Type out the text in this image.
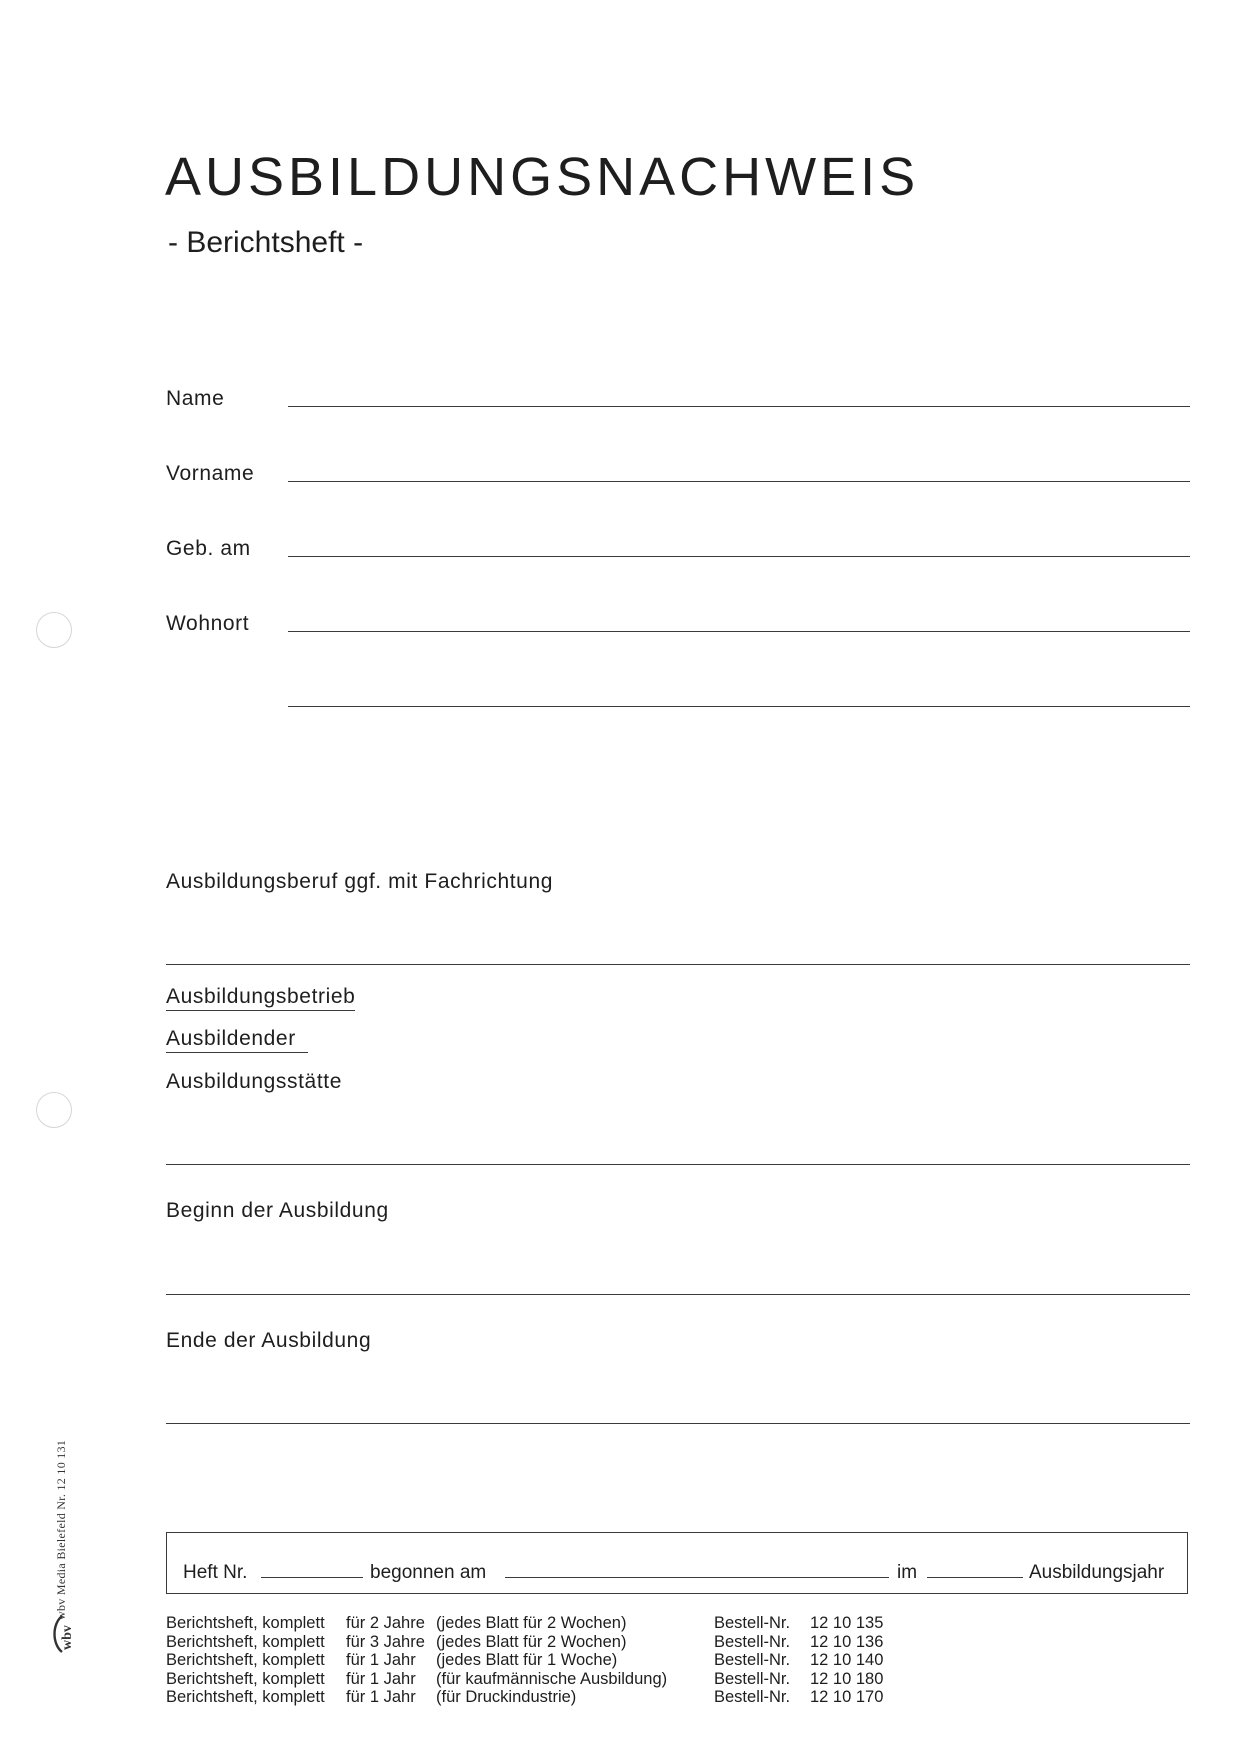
AUSBILDUNGSNACHWEIS
- Berichtsheft -
Name
Vorname
Geb. am
Wohnort
Ausbildungsberuf ggf. mit Fachrichtung
Ausbildungsbetrieb
Ausbildender
Ausbildungsstätte
Beginn der Ausbildung
Ende der Ausbildung
Heft Nr.	begonnen am	im	Ausbildungsjahr
Berichtsheft, komplett für 2 Jahre (jedes Blatt für 2 Wochen)	Bestell-Nr. 12 10 135
Berichtsheft, komplett für 3 Jahre (jedes Blatt für 2 Wochen)	Bestell-Nr. 12 10 136
Berichtsheft, komplett für 1 Jahr (jedes Blatt für 1 Woche)	Bestell-Nr. 12 10 140
Berichtsheft, komplett für 1 Jahr (für kaufmännische Ausbildung)	Bestell-Nr. 12 10 180
Berichtsheft, komplett für 1 Jahr (für Druckindustrie)	Bestell-Nr. 12 10 170
wbv Media Bielefeld Nr. 12 10 131
wbv
